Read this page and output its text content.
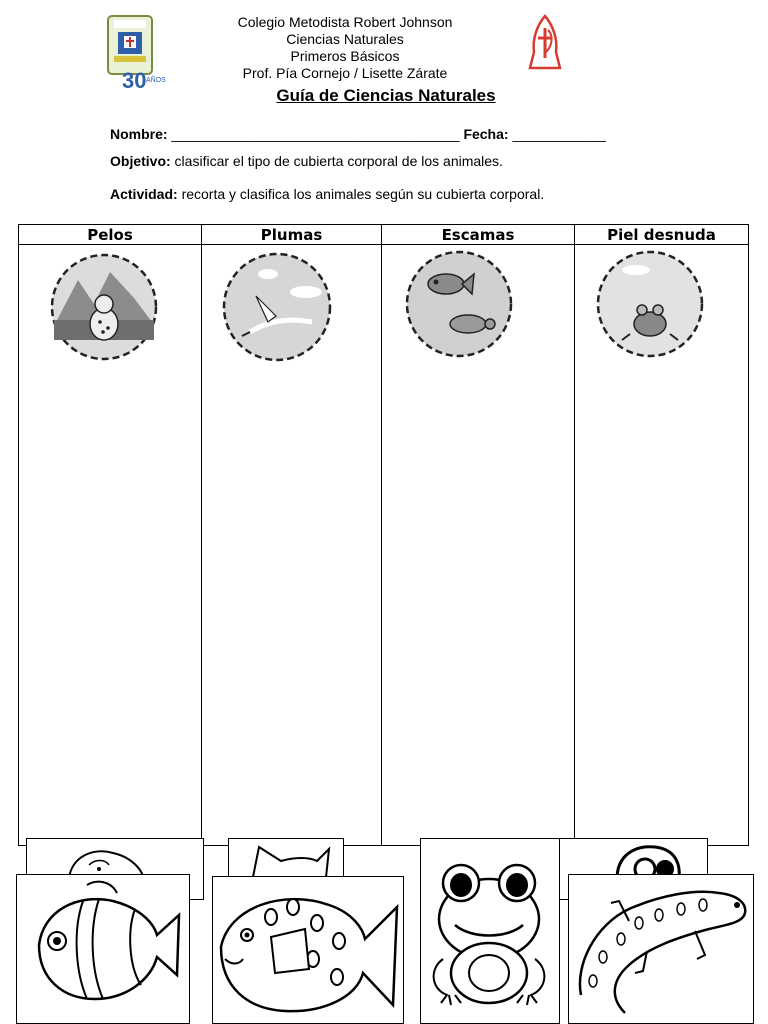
30 AÑOS
Colegio Metodista Robert Johnson
Ciencias Naturales
Primeros Básicos
Prof. Pía Cornejo / Lisette Zárate
Guía de Ciencias Naturales
Nombre: _____________________________________ Fecha: ____________
Objetivo: clasificar el tipo de cubierta corporal de los animales.
Actividad: recorta y clasifica los animales según su cubierta corporal.
Pelos	Plumas	Escamas	Piel desnuda
